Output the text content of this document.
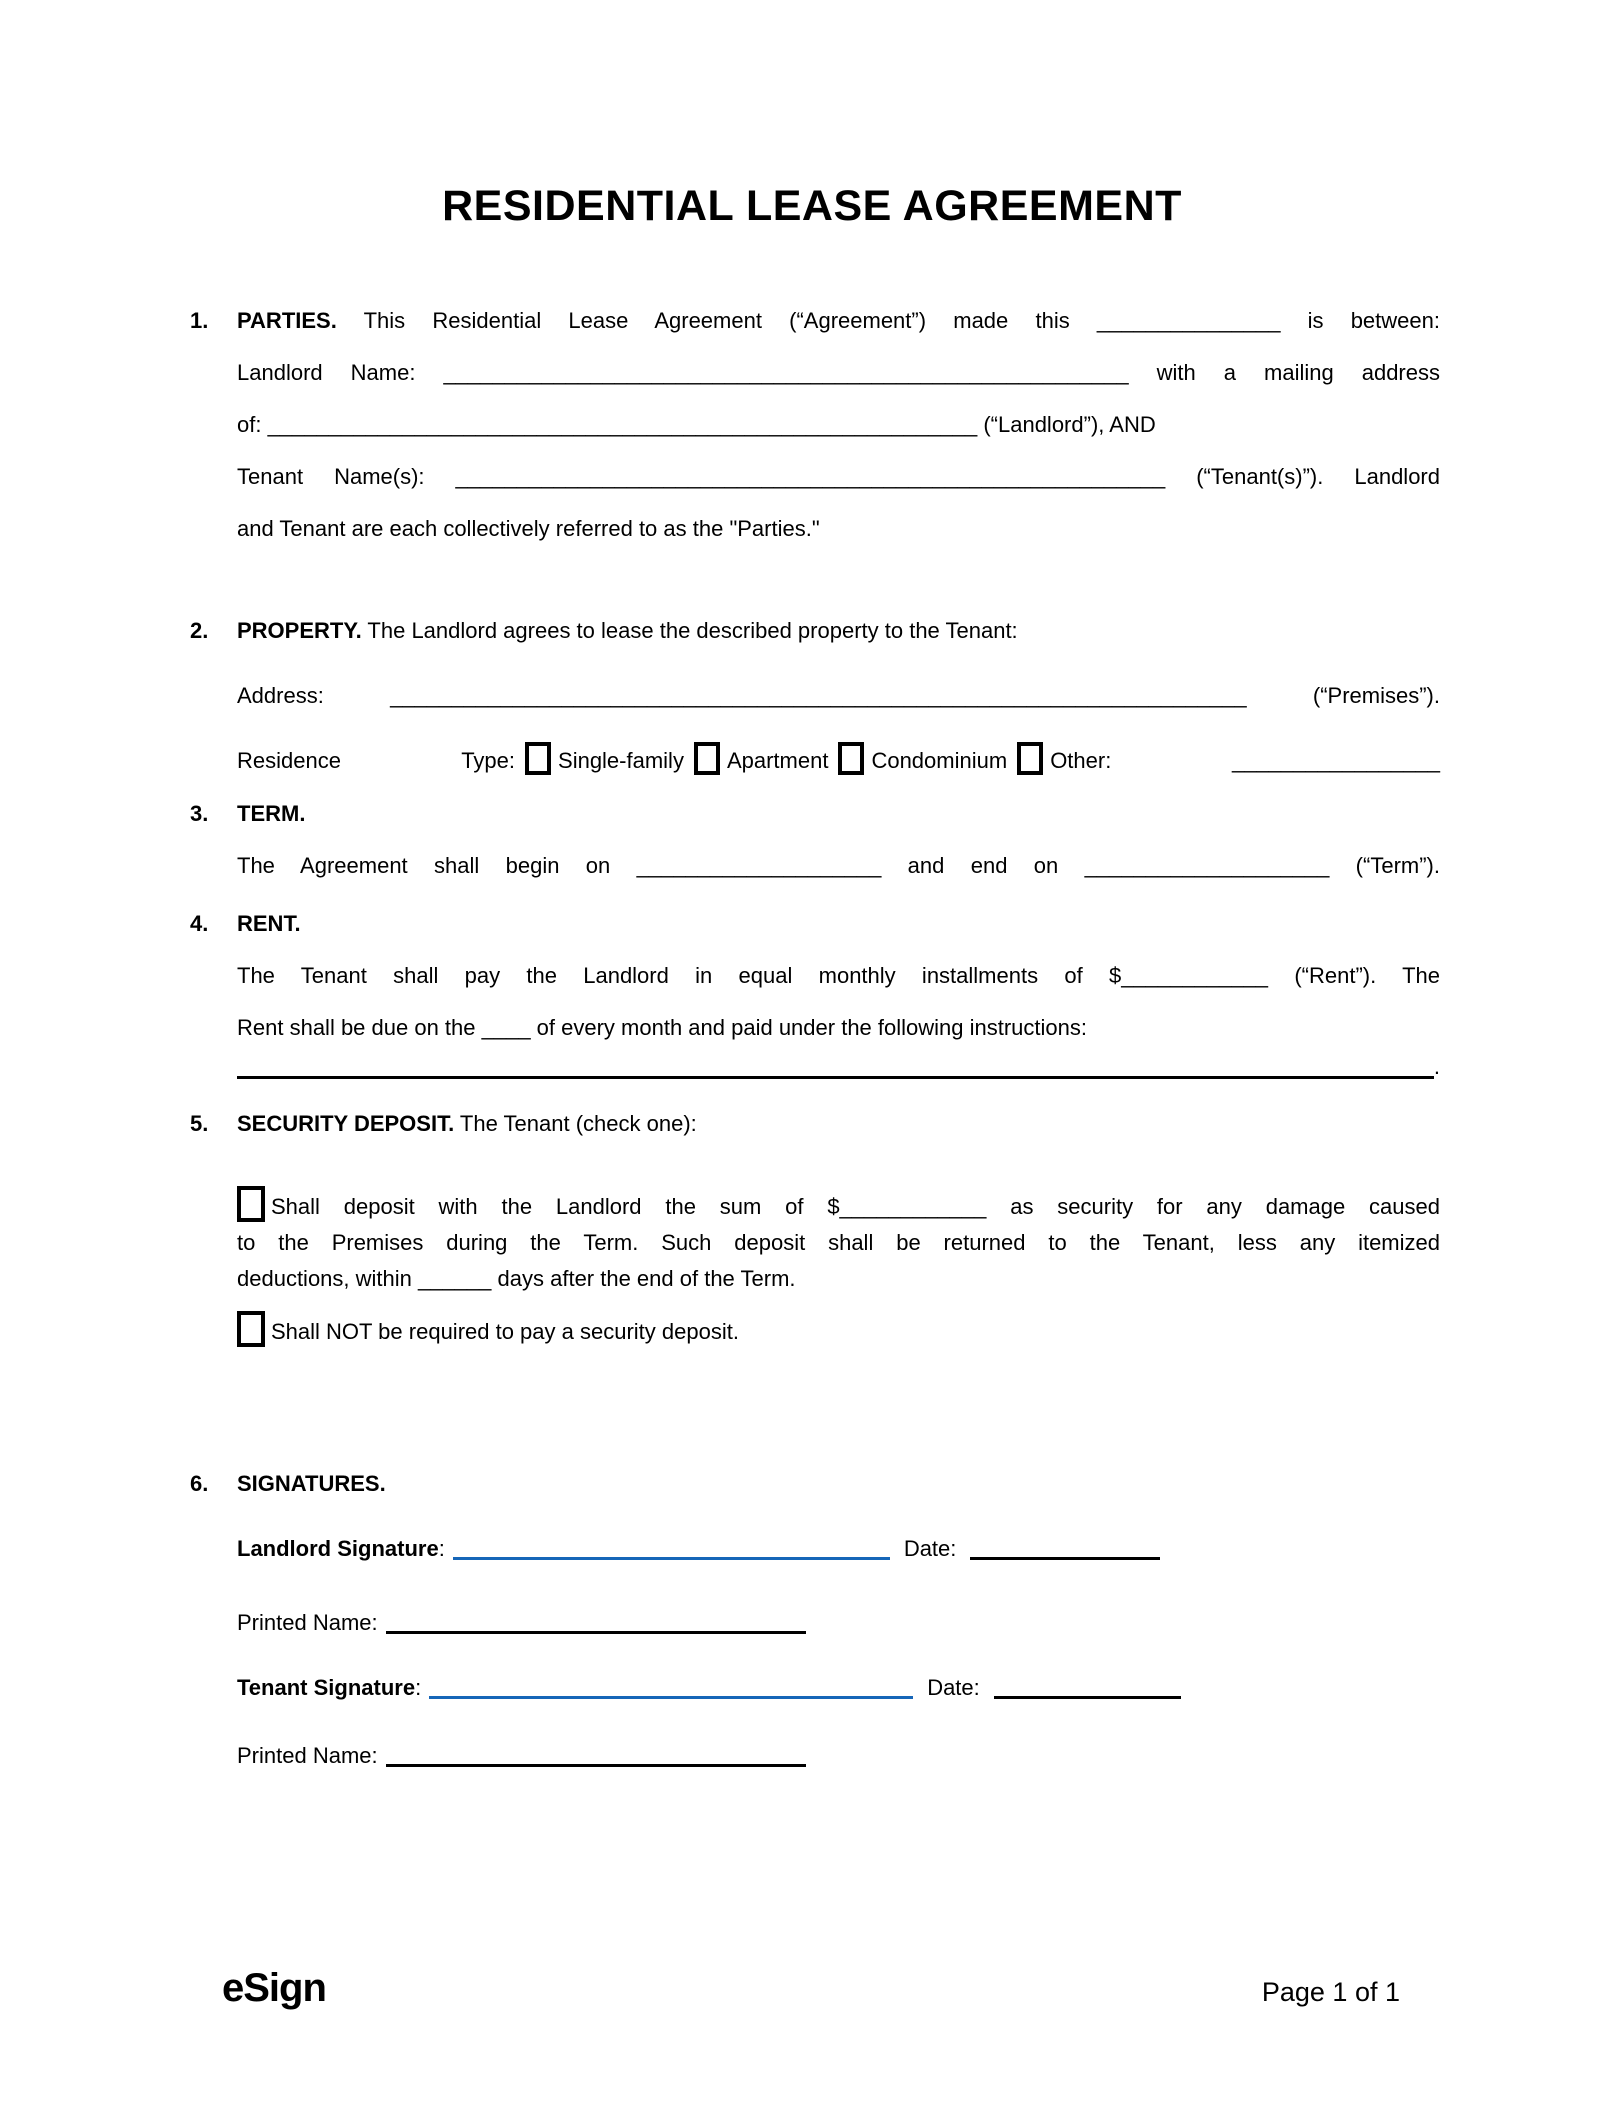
RESIDENTIAL LEASE AGREEMENT
1. PARTIES. This Residential Lease Agreement (“Agreement”) made this _______________ is between:
Landlord Name: ________________________________________________________ with a mailing address
of: __________________________________________________________ (“Landlord”), AND
Tenant Name(s): __________________________________________________________ (“Tenant(s)”). Landlord
and Tenant are each collectively referred to as the "Parties."
2. PROPERTY. The Landlord agrees to lease the described property to the Tenant:
Address: ______________________________________________________________________ (“Premises”).
Residence Type: Single-family Apartment Condominium Other:	_________________
3. TERM.
The Agreement shall begin on ____________________ and end on ____________________ (“Term”).
4. RENT.
The Tenant shall pay the Landlord in equal monthly installments of $____________ (“Rent”). The
Rent shall be due on the ____ of every month and paid under the following instructions:
.
5. SECURITY DEPOSIT. The Tenant (check one):
Shall deposit with the Landlord the sum of $____________ as security for any damage caused
to the Premises during the Term. Such deposit shall be returned to the Tenant, less any itemized
deductions, within ______ days after the end of the Term.
Shall NOT be required to pay a security deposit.
6. SIGNATURES.
Landlord Signature:	Date:
Printed Name:
Tenant Signature:	Date:
Printed Name:
eSign	Page 1 of 1
